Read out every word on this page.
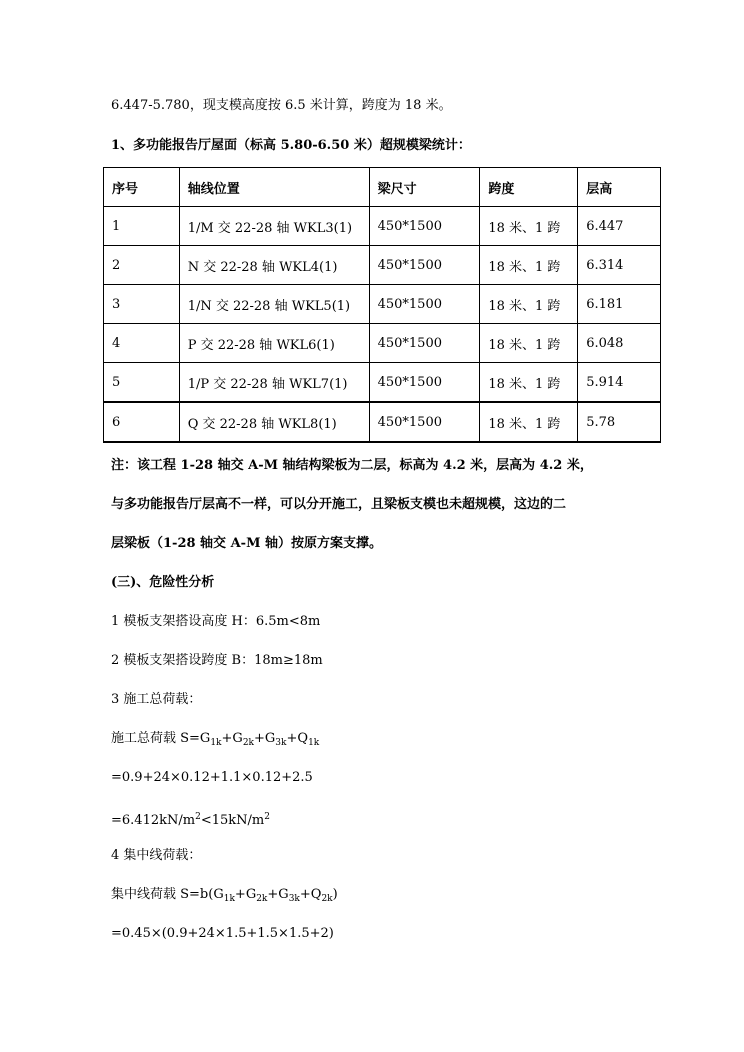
6.447-5.780，现支模高度按 6.5 米计算，跨度为 18 米。
1、多功能报告厅屋面（标高 5.80-6.50 米）超规模梁统计：
序号	轴线位置	梁尺寸	跨度	层高
1	1/M 交 22-28 轴 WKL3(1)	450*1500	18 米、1 跨	6.447
2	N 交 22-28 轴 WKL4(1)	450*1500	18 米、1 跨	6.314
3	1/N 交 22-28 轴 WKL5(1)	450*1500	18 米、1 跨	6.181
4	P 交 22-28 轴 WKL6(1)	450*1500	18 米、1 跨	6.048
5	1/P 交 22-28 轴 WKL7(1)	450*1500	18 米、1 跨	5.914
6	Q 交 22-28 轴 WKL8(1)	450*1500	18 米、1 跨	5.78
注：该工程 1-28 轴交 A-M 轴结构梁板为二层，标高为 4.2 米，层高为 4.2 米，
与多功能报告厅层高不一样，可以分开施工，且梁板支模也未超规模，这边的二
层梁板（1-28 轴交 A-M 轴）按原方案支撑。
(三)、危险性分析
1 模板支架搭设高度 H：6.5m<8m
2 模板支架搭设跨度 B：18m≥18m
3 施工总荷载：
施工总荷载 $S=G_{1k}+G_{2k}+G_{3k}+Q_{1k}$
=0.9+24×0.12+1.1×0.12+2.5
$=6.412kN/m^2<15kN/m^2$
4 集中线荷载：
集中线荷载 $S=b(G_{1k}+G_{2k}+G_{3k}+Q_{2k})$
=0.45×(0.9+24×1.5+1.5×1.5+2)
